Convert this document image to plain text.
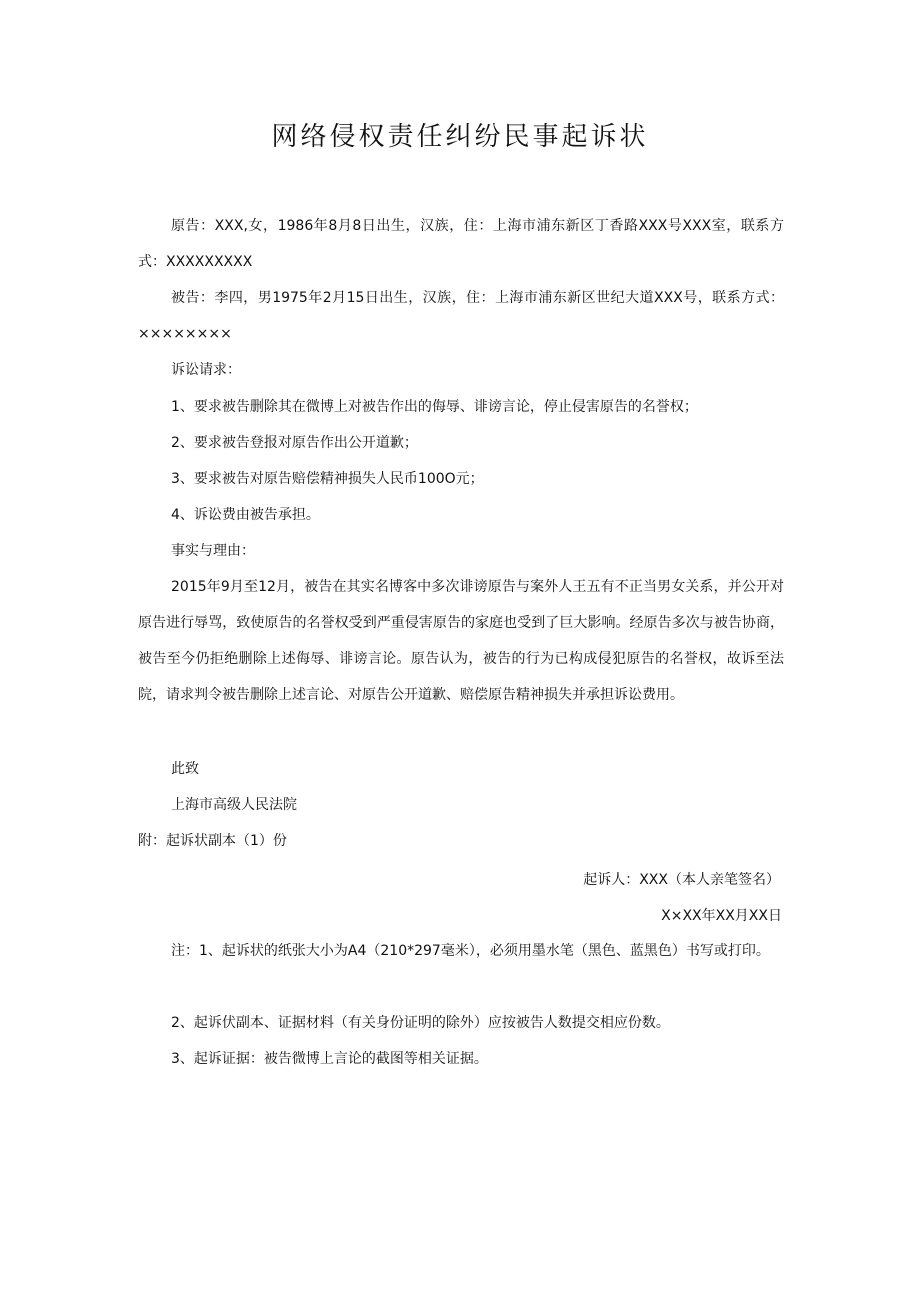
网络侵权责任纠纷民事起诉状

原告：XXX,女，1986年8月8日出生，汉族，住：上海市浦东新区丁香路XXX号XXX室，联系方式：XXXXXXXXX

被告：李四，男1975年2月15日出生，汉族，住：上海市浦东新区世纪大道XXX号，联系方式：××××××××

诉讼请求：

1、要求被告删除其在微博上对被告作出的侮辱、诽谤言论，停止侵害原告的名誉权；

2、要求被告登报对原告作出公开道歉；

3、要求被告对原告赔偿精神损失人民币100O元；

4、诉讼费由被告承担。

事实与理由：

2015年9月至12月，被告在其实名博客中多次诽谤原告与案外人王五有不正当男女关系，并公开对原告进行辱骂，致使原告的名誉权受到严重侵害原告的家庭也受到了巨大影响。经原告多次与被告协商，被告至今仍拒绝删除上述侮辱、诽谤言论。原告认为，被告的行为已构成侵犯原告的名誉权，故诉至法院，请求判令被告删除上述言论、对原告公开道歉、赔偿原告精神损失并承担诉讼费用。

此致

上海市高级人民法院

附：起诉状副本（1）份

起诉人：XXX（本人亲笔签名）
X×XX年XX月XX日

注：1、起诉状的纸张大小为A4（210*297毫米），必须用墨水笔（黑色、蓝黑色）书写或打印。

2、起诉伏副本、证据材料（有关身份证明的除外）应按被告人数提交相应份数。

3、起诉证据：被告微博上言论的截图等相关证据。
